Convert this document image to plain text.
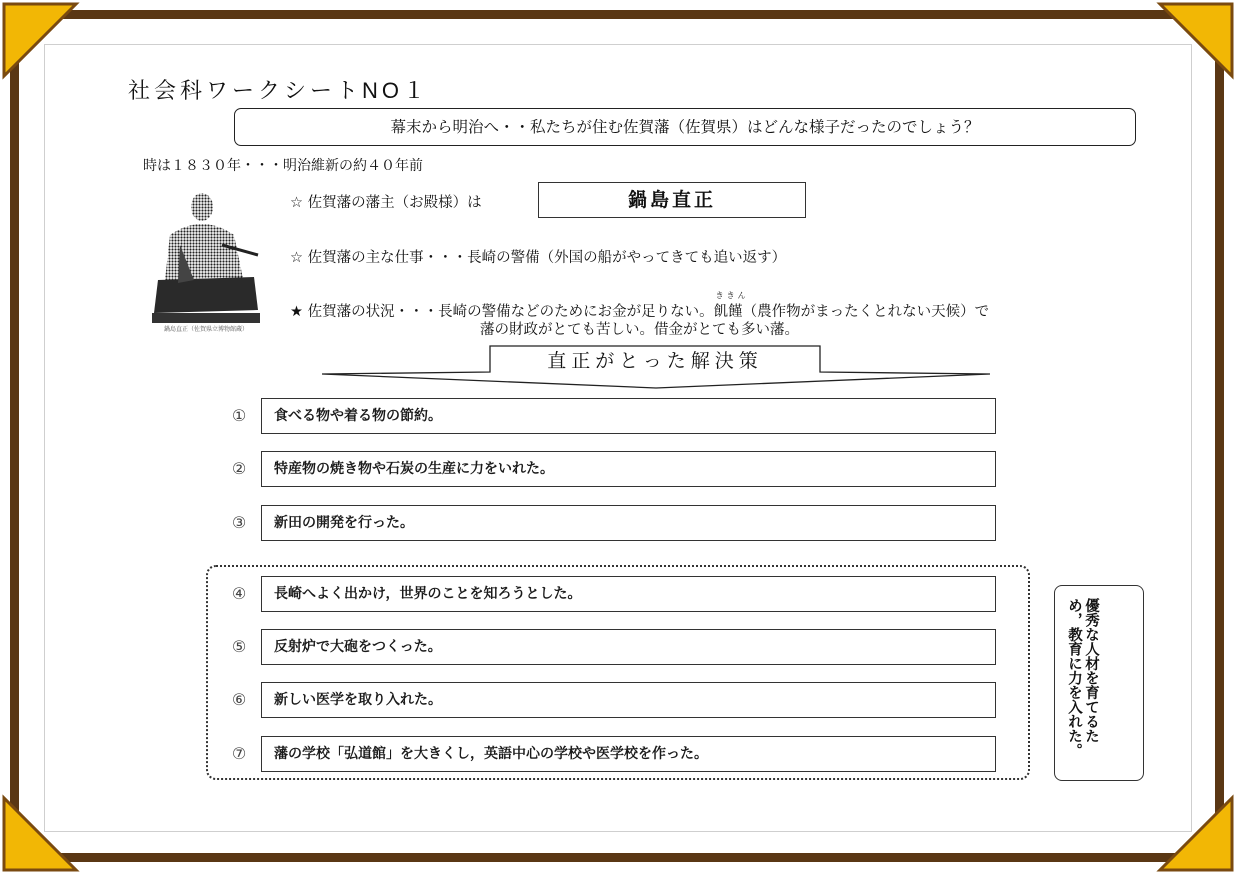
社会科ワークシートNO１
幕末から明治へ・・私たちが住む佐賀藩（佐賀県）はどんな様子だったのでしょう？
時は１８３０年・・・明治維新の約４０年前
鍋島直正（佐賀県立博物館蔵）
☆ 佐賀藩の藩主（お殿様）は	鍋島直正
☆ 佐賀藩の主な仕事・・・長崎の警備（外国の船がやってきても追い返す）
★ 佐賀藩の状況・・・長崎の警備などのためにお金が足りない。
ききん
飢饉（農作物がまったくとれない天候）で
藩の財政がとても苦しい。借金がとても多い藩。
直正がとった解決策
①	食べる物や着る物の節約。
②	特産物の焼き物や石炭の生産に力をいれた。
③	新田の開発を行った。
④	長崎へよく出かけ，世界のことを知ろうとした。
⑤	反射炉で大砲をつくった。
⑥	新しい医学を取り入れた。
⑦	藩の学校「弘道館」を大きくし，英語中心の学校や医学校を作った。
優秀な人材を育てるため，教育に力を入れた。
